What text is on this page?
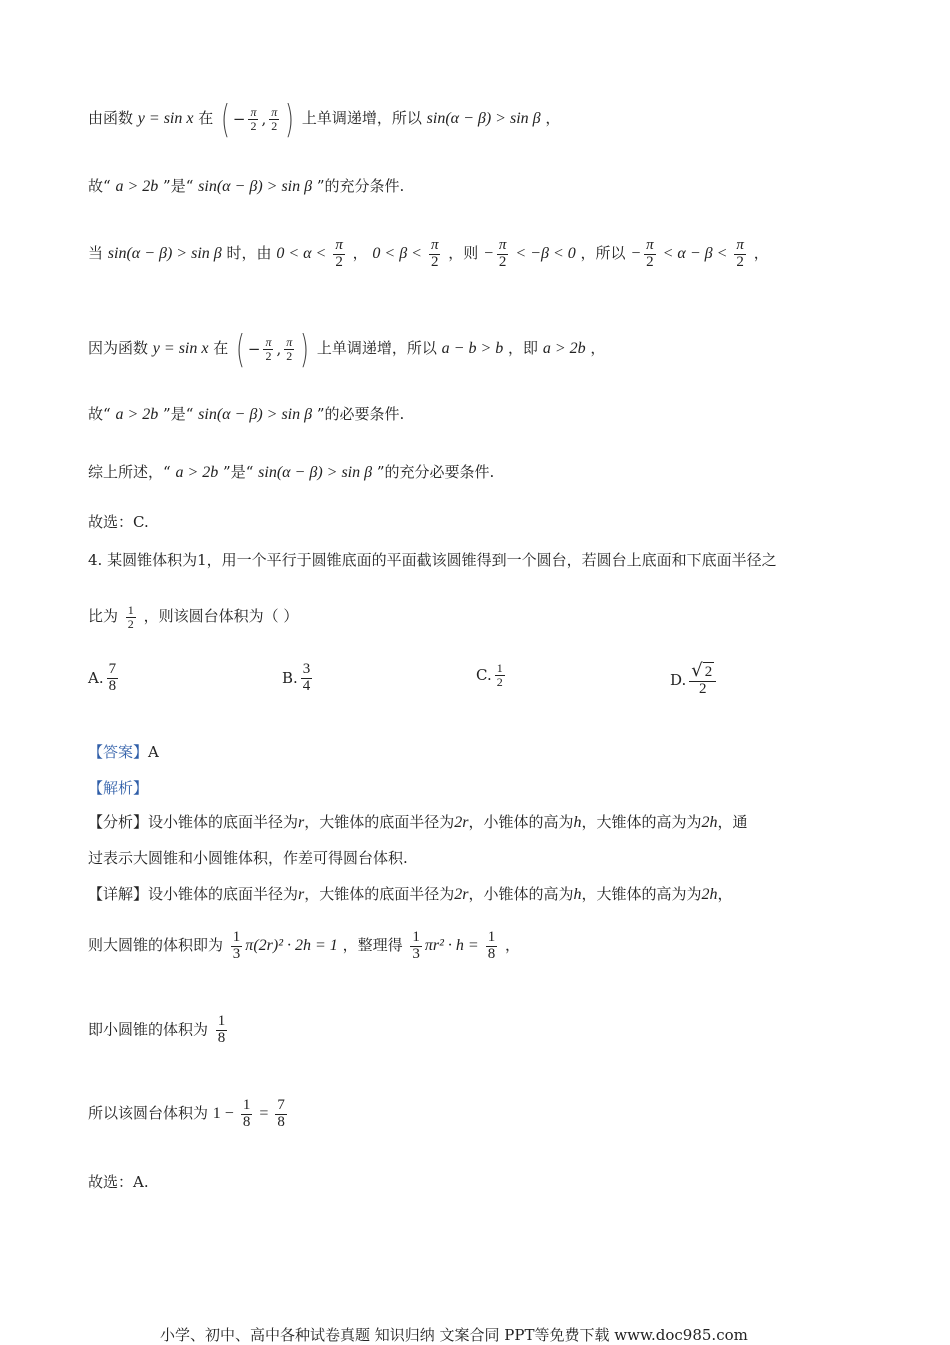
由函数 y = sin x 在 ( − $\frac{\pi}{2}$ , $\frac{\pi}{2}$ ) 上单调递增，所以 sin(α − β) > sin β ，
故“ a > 2b ”是“ sin(α − β) > sin β ”的充分条件.
当 sin(α − β) > sin β 时，由 $0 < \alpha < \frac{\pi}{2}$ ， $0 < \beta < \frac{\pi}{2}$ ，则 − $\frac{\pi}{2} < -\beta < 0$ ，所以 − $\frac{\pi}{2} < \alpha - \beta < \frac{\pi}{2}$ ，
因为函数 y = sin x 在 ( − $\frac{\pi}{2}$ , $\frac{\pi}{2}$ ) 上单调递增，所以 a − b > b ，即 a > 2b ，
故“ a > 2b ”是“ sin(α − β) > sin β ”的必要条件.
综上所述，“ a > 2b ”是“ sin(α − β) > sin β ”的充分必要条件.
故选：C.
4. 某圆锥体积为1，用一个平行于圆锥底面的平面截该圆锥得到一个圆台，若圆台上底面和下底面半径之
比为 $\frac{1}{2}$ ，则该圆台体积为（ ）
A. $\frac{7}{8}$	B. $\frac{3}{4}$	C. $\frac{1}{2}$	D. $\frac{√ 2}{2}$
【答案】A
【解析】
【分析】设小锥体的底面半径为r，大锥体的底面半径为2r，小锥体的高为h，大锥体的高为为2h，通
过表示大圆锥和小圆锥体积，作差可得圆台体积.
【详解】设小锥体的底面半径为r，大锥体的底面半径为2r，小锥体的高为h，大锥体的高为为2h，
则大圆锥的体积即为 $\frac{1}{3} \pi(2r)^2 \cdot 2h = 1$ ，整理得 $\frac{1}{3} \pi r^2 \cdot h = \frac{1}{8}$ ，
即小圆锥的体积为 $\frac{1}{8}$
所以该圆台体积为 $1 - \frac{1}{8} = \frac{7}{8}$
故选：A.
小学、初中、高中各种试卷真题 知识归纳 文案合同 PPT等免费下载 www.doc985.com
